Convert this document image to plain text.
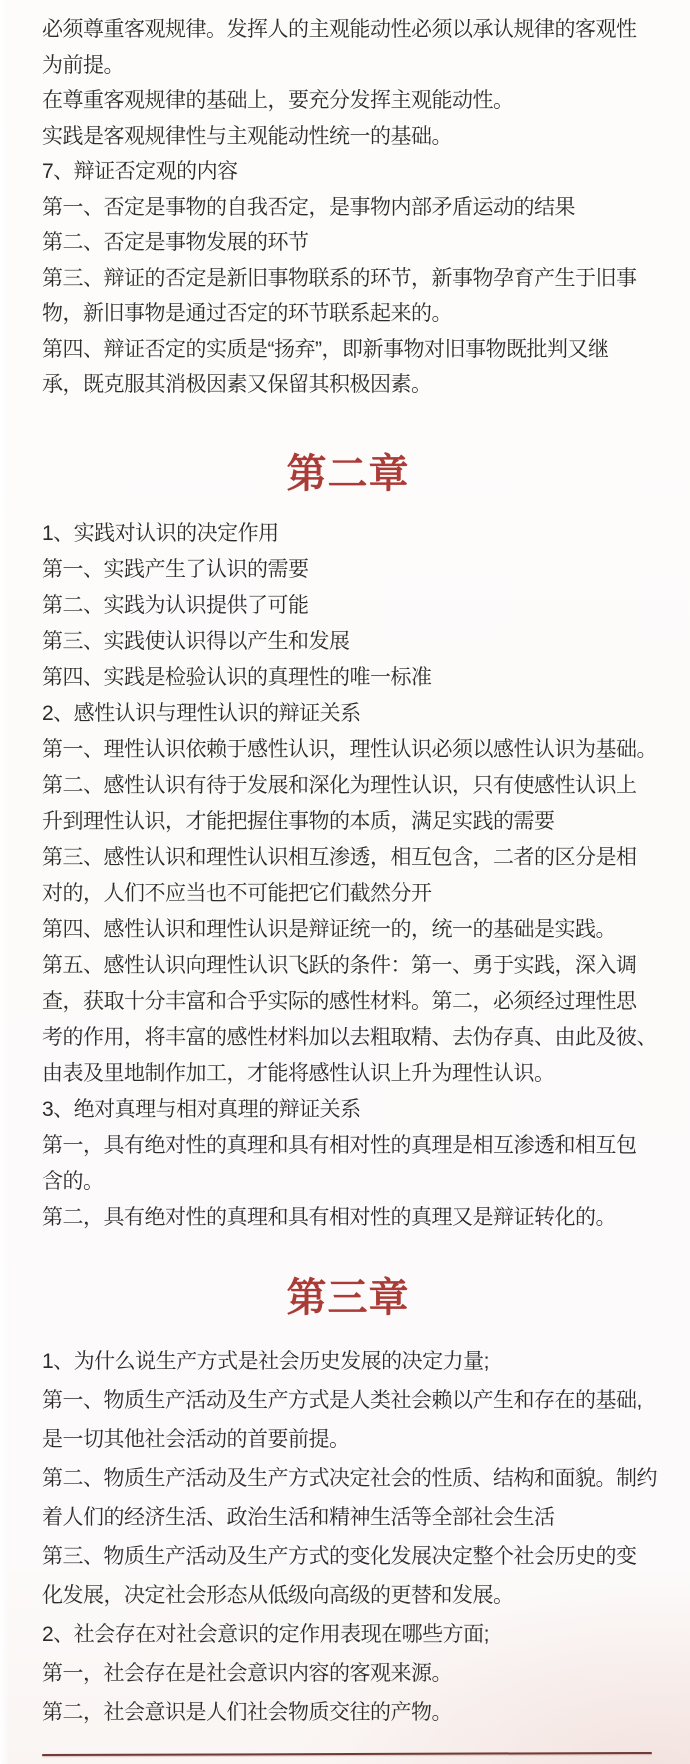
必须尊重客观规律。发挥人的主观能动性必须以承认规律的客观性
为前提。
在尊重客观规律的基础上，要充分发挥主观能动性。
实践是客观规律性与主观能动性统一的基础。
7、辩证否定观的内容
第一、否定是事物的自我否定，是事物内部矛盾运动的结果
第二、否定是事物发展的环节
第三、辩证的否定是新旧事物联系的环节，新事物孕育产生于旧事
物，新旧事物是通过否定的环节联系起来的。
第四、辩证否定的实质是“扬弃”，即新事物对旧事物既批判又继
承，既克服其消极因素又保留其积极因素。
第二章
1、实践对认识的决定作用
第一、实践产生了认识的需要
第二、实践为认识提供了可能
第三、实践使认识得以产生和发展
第四、实践是检验认识的真理性的唯一标准
2、感性认识与理性认识的辩证关系
第一、理性认识依赖于感性认识，理性认识必须以感性认识为基础。
第二、感性认识有待于发展和深化为理性认识，只有使感性认识上
升到理性认识，才能把握住事物的本质，满足实践的需要
第三、感性认识和理性认识相互渗透，相互包含，二者的区分是相
对的，人们不应当也不可能把它们截然分开
第四、感性认识和理性认识是辩证统一的，统一的基础是实践。
第五、感性认识向理性认识飞跃的条件：第一、勇于实践，深入调
查，获取十分丰富和合乎实际的感性材料。第二，必须经过理性思
考的作用，将丰富的感性材料加以去粗取精、去伪存真、由此及彼、
由表及里地制作加工，才能将感性认识上升为理性认识。
3、绝对真理与相对真理的辩证关系
第一，具有绝对性的真理和具有相对性的真理是相互渗透和相互包
含的。
第二，具有绝对性的真理和具有相对性的真理又是辩证转化的。
第三章
1、为什么说生产方式是社会历史发展的决定力量;
第一、物质生产活动及生产方式是人类社会赖以产生和存在的基础,
是一切其他社会活动的首要前提。
第二、物质生产活动及生产方式决定社会的性质、结构和面貌。制约
着人们的经济生活、政治生活和精神生活等全部社会生活
第三、物质生产活动及生产方式的变化发展决定整个社会历史的变
化发展，决定社会形态从低级向高级的更替和发展。
2、社会存在对社会意识的定作用表现在哪些方面;
第一，社会存在是社会意识内容的客观来源。
第二，社会意识是人们社会物质交往的产物。
